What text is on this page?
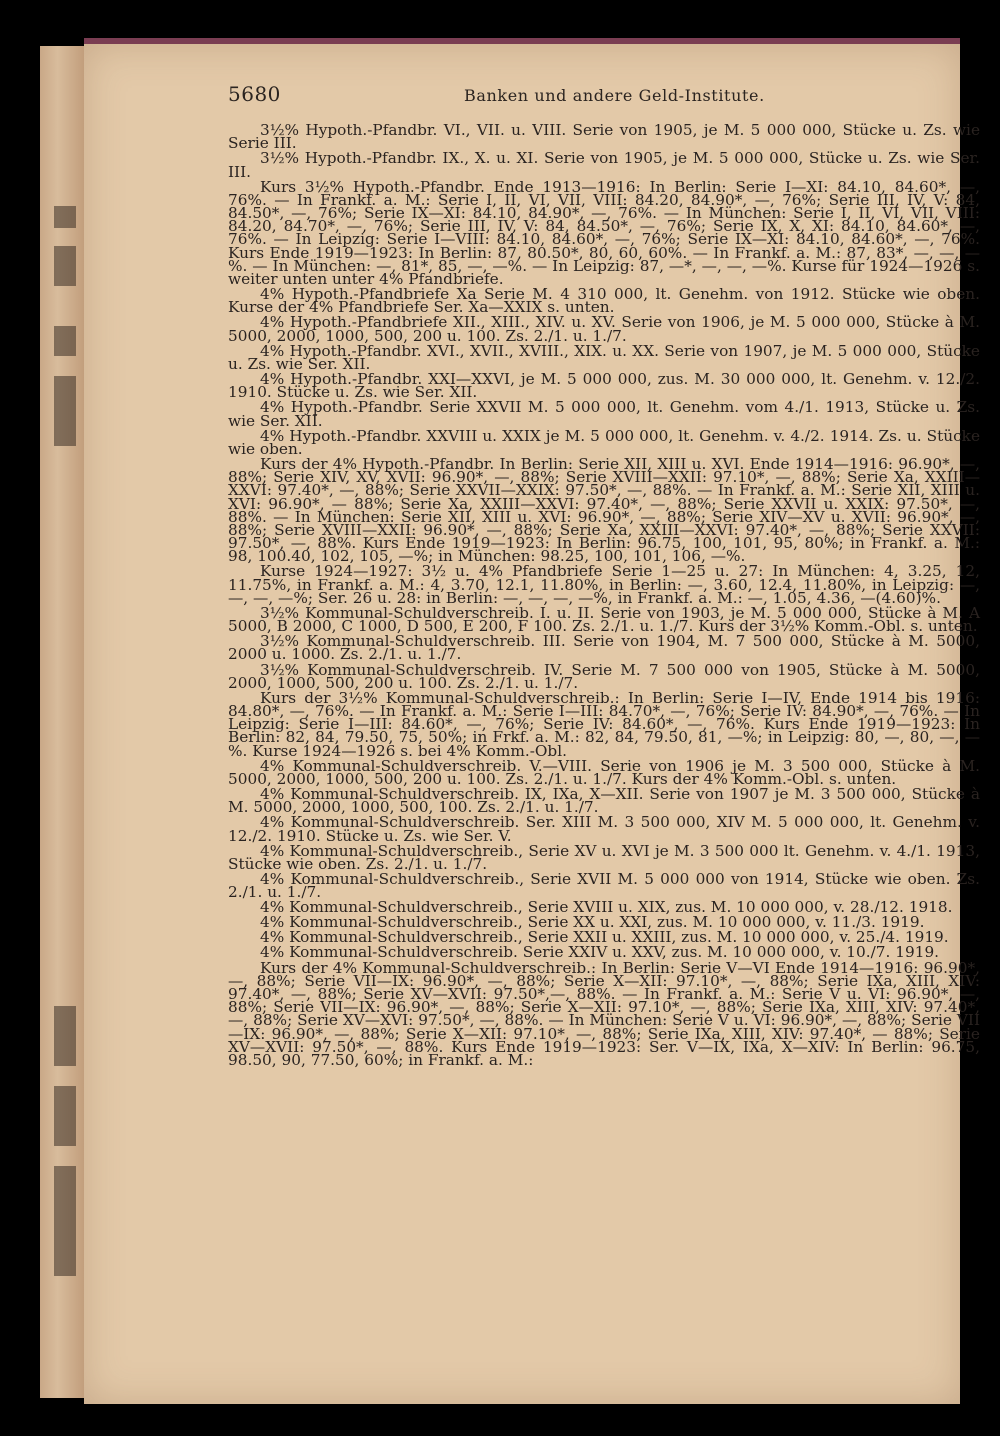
5680	Banken und andere Geld-Institute.

3½% Hypoth.-Pfandbr. VI., VII. u. VIII. Serie von 1905, je M. 5 000 000, Stücke u. Zs. wie Serie III.

3½% Hypoth.-Pfandbr. IX., X. u. XI. Serie von 1905, je M. 5 000 000, Stücke u. Zs. wie Ser. III.

Kurs 3½% Hypoth.-Pfandbr. Ende 1913—1916: In Berlin: Serie I—XI: 84.10, 84.60*, —, 76%. — In Frankf. a. M.: Serie I, II, VI, VII, VIII: 84.20, 84.90*, —, 76%; Serie III, IV, V: 84, 84.50*, —, 76%; Serie IX—XI: 84.10, 84.90*, —, 76%. — In München: Serie I, II, VI, VII, VIII: 84.20, 84.70*, —, 76%; Serie III, IV, V: 84, 84.50*, —, 76%; Serie IX, X, XI: 84.10, 84.60*, —, 76%. — In Leipzig: Serie I—VIII: 84.10, 84.60*, —, 76%; Serie IX—XI: 84.10, 84.60*, —, 76%. Kurs Ende 1919—1923: In Berlin: 87, 80.50*, 80, 60, 60%. — In Frankf. a. M.: 87, 83*, —, —, —%. — In München: —, 81*, 85, —, —%. — In Leipzig: 87, —*, —, —, —%. Kurse für 1924—1926 s. weiter unten unter 4% Pfandbriefe.

4% Hypoth.-Pfandbriefe Xa Serie M. 4 310 000, lt. Genehm. von 1912. Stücke wie oben. Kurse der 4% Pfandbriefe Ser. Xa—XXIX s. unten.

4% Hypoth.-Pfandbriefe XII., XIII., XIV. u. XV. Serie von 1906, je M. 5 000 000, Stücke à M. 5000, 2000, 1000, 500, 200 u. 100. Zs. 2./1. u. 1./7.

4% Hypoth.-Pfandbr. XVI., XVII., XVIII., XIX. u. XX. Serie von 1907, je M. 5 000 000, Stücke u. Zs. wie Ser. XII.

4% Hypoth.-Pfandbr. XXI—XXVI, je M. 5 000 000, zus. M. 30 000 000, lt. Genehm. v. 12./2. 1910. Stücke u. Zs. wie Ser. XII.

4% Hypoth.-Pfandbr. Serie XXVII M. 5 000 000, lt. Genehm. vom 4./1. 1913, Stücke u. Zs. wie Ser. XII.

4% Hypoth.-Pfandbr. XXVIII u. XXIX je M. 5 000 000, lt. Genehm. v. 4./2. 1914. Zs. u. Stücke wie oben.

Kurs der 4% Hypoth.-Pfandbr. In Berlin: Serie XII, XIII u. XVI. Ende 1914—1916: 96.90*, —, 88%; Serie XIV, XV, XVII: 96.90*, —, 88%; Serie XVIII—XXII: 97.10*, —, 88%; Serie Xa, XXIII—XXVI: 97.40*, —, 88%; Serie XXVII—XXIX: 97.50*, —, 88%. — In Frankf. a. M.: Serie XII, XIII u. XVI: 96.90*, — 88%; Serie Xa, XXIII—XXVI: 97.40*, —, 88%; Serie XXVII u. XXIX: 97.50*, —, 88%. — In München: Serie XII, XIII u. XVI: 96.90*, —, 88%; Serie XIV—XV u. XVII: 96.90*, —, 88%; Serie XVIII—XXII: 96.90*, —, 88%; Serie Xa, XXIII—XXVI: 97.40*, —, 88%; Serie XXVII: 97.50*, —, 88%. Kurs Ende 1919—1923: In Berlin: 96.75, 100, 101, 95, 80%; in Frankf. a. M.: 98, 100.40, 102, 105, —%; in München: 98.25, 100, 101, 106, —%.

Kurse 1924—1927: 3½ u. 4% Pfandbriefe Serie 1—25 u. 27: In München: 4, 3.25, 12, 11.75%, in Frankf. a. M.: 4, 3.70, 12.1, 11.80%, in Berlin: —, 3.60, 12.4, 11.80%, in Leipzig: —, —, —, —%; Ser. 26 u. 28: in Berlin: —, —, —, —%, in Frankf. a. M.: —, 1.05, 4.36, —(4.60)%.

3½% Kommunal-Schuldverschreib. I. u. II. Serie von 1903, je M. 5 000 000, Stücke à M. A 5000, B 2000, C 1000, D 500, E 200, F 100. Zs. 2./1. u. 1./7. Kurs der 3½% Komm.-Obl. s. unten.

3½% Kommunal-Schuldverschreib. III. Serie von 1904, M. 7 500 000, Stücke à M. 5000, 2000 u. 1000. Zs. 2./1. u. 1./7.

3½% Kommunal-Schuldverschreib. IV. Serie M. 7 500 000 von 1905, Stücke à M. 5000, 2000, 1000, 500, 200 u. 100. Zs. 2./1. u. 1./7.

Kurs der 3½% Kommunal-Schuldverschreib.: In Berlin: Serie I—IV, Ende 1914 bis 1916: 84.80*, —, 76%. — In Frankf. a. M.: Serie I—III: 84.70*, —, 76%; Serie IV: 84.90*, —, 76%. — In Leipzig: Serie I—III: 84.60*, —, 76%; Serie IV: 84.60*, —, 76%. Kurs Ende 1919—1923: In Berlin: 82, 84, 79.50, 75, 50%; in Frkf. a. M.: 82, 84, 79.50, 81, —%; in Leipzig: 80, —, 80, —, —%. Kurse 1924—1926 s. bei 4% Komm.-Obl.

4% Kommunal-Schuldverschreib. V.—VIII. Serie von 1906 je M. 3 500 000, Stücke à M. 5000, 2000, 1000, 500, 200 u. 100. Zs. 2./1. u. 1./7. Kurs der 4% Komm.-Obl. s. unten.

4% Kommunal-Schuldverschreib. IX, IXa, X—XII. Serie von 1907 je M. 3 500 000, Stücke à M. 5000, 2000, 1000, 500, 100. Zs. 2./1. u. 1./7.

4% Kommunal-Schuldverschreib. Ser. XIII M. 3 500 000, XIV M. 5 000 000, lt. Genehm. v. 12./2. 1910. Stücke u. Zs. wie Ser. V.

4% Kommunal-Schuldverschreib., Serie XV u. XVI je M. 3 500 000 lt. Genehm. v. 4./1. 1913, Stücke wie oben. Zs. 2./1. u. 1./7.

4% Kommunal-Schuldverschreib., Serie XVII M. 5 000 000 von 1914, Stücke wie oben. Zs. 2./1. u. 1./7.

4% Kommunal-Schuldverschreib., Serie XVIII u. XIX, zus. M. 10 000 000, v. 28./12. 1918.

4% Kommunal-Schuldverschreib., Serie XX u. XXI, zus. M. 10 000 000, v. 11./3. 1919.

4% Kommunal-Schuldverschreib., Serie XXII u. XXIII, zus. M. 10 000 000, v. 25./4. 1919.

4% Kommunal-Schuldverschreib. Serie XXIV u. XXV, zus. M. 10 000 000, v. 10./7. 1919.

Kurs der 4% Kommunal-Schuldverschreib.: In Berlin: Serie V—VI Ende 1914—1916: 96.90*, —, 88%; Serie VII—IX: 96.90*, —, 88%; Serie X—XII: 97.10*, —, 88%; Serie IXa, XIII, XIV: 97.40*, —, 88%; Serie XV—XVII: 97.50*,—, 88%. — In Frankf. a. M.: Serie V u. VI: 96.90*, —, 88%; Serie VII—IX: 96.90*, —, 88%; Serie X—XII: 97.10*, —, 88%; Serie IXa, XIII, XIV: 97.40*, —, 88%; Serie XV—XVI: 97.50*, —, 88%. — In München: Serie V u. VI: 96.90*, —, 88%; Serie VII—IX: 96.90*, —, 88%; Serie X—XII: 97.10*, —, 88%; Serie IXa, XIII, XIV: 97.40*, — 88%; Serie XV—XVII: 97.50*, —, 88%. Kurs Ende 1919—1923: Ser. V—IX, IXa, X—XIV: In Berlin: 96.75, 98.50, 90, 77.50, 60%; in Frankf. a. M.:
